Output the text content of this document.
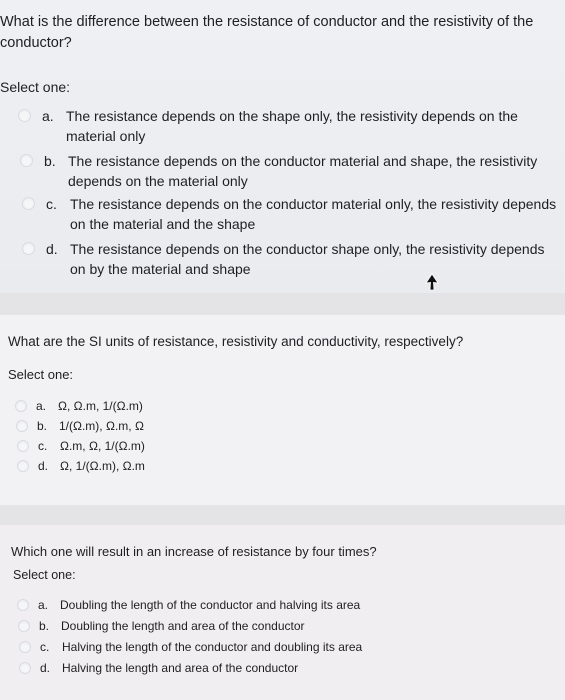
What is the difference between the resistance of conductor and the resistivity of the conductor?
Select one:
a. The resistance depends on the shape only, the resistivity depends on the material only
b. The resistance depends on the conductor material and shape, the resistivity depends on the material only
c. The resistance depends on the conductor material only, the resistivity depends on the material and the shape
d. The resistance depends on the conductor shape only, the resistivity depends on by the material and shape
What are the SI units of resistance, resistivity and conductivity, respectively?
Select one:
a. Ω, Ω.m, 1/(Ω.m)
b. 1/(Ω.m), Ω.m, Ω
c.	Ω.m, Ω, 1/(Ω.m)
d. Ω, 1/(Ω.m), Ω.m
Which one will result in an increase of resistance by four times?
Select one:
a. Doubling the length of the conductor and halving its area
b. Doubling the length and area of the conductor
c.	Halving the length of the conductor and doubling its area
d. Halving the length and area of the conductor
